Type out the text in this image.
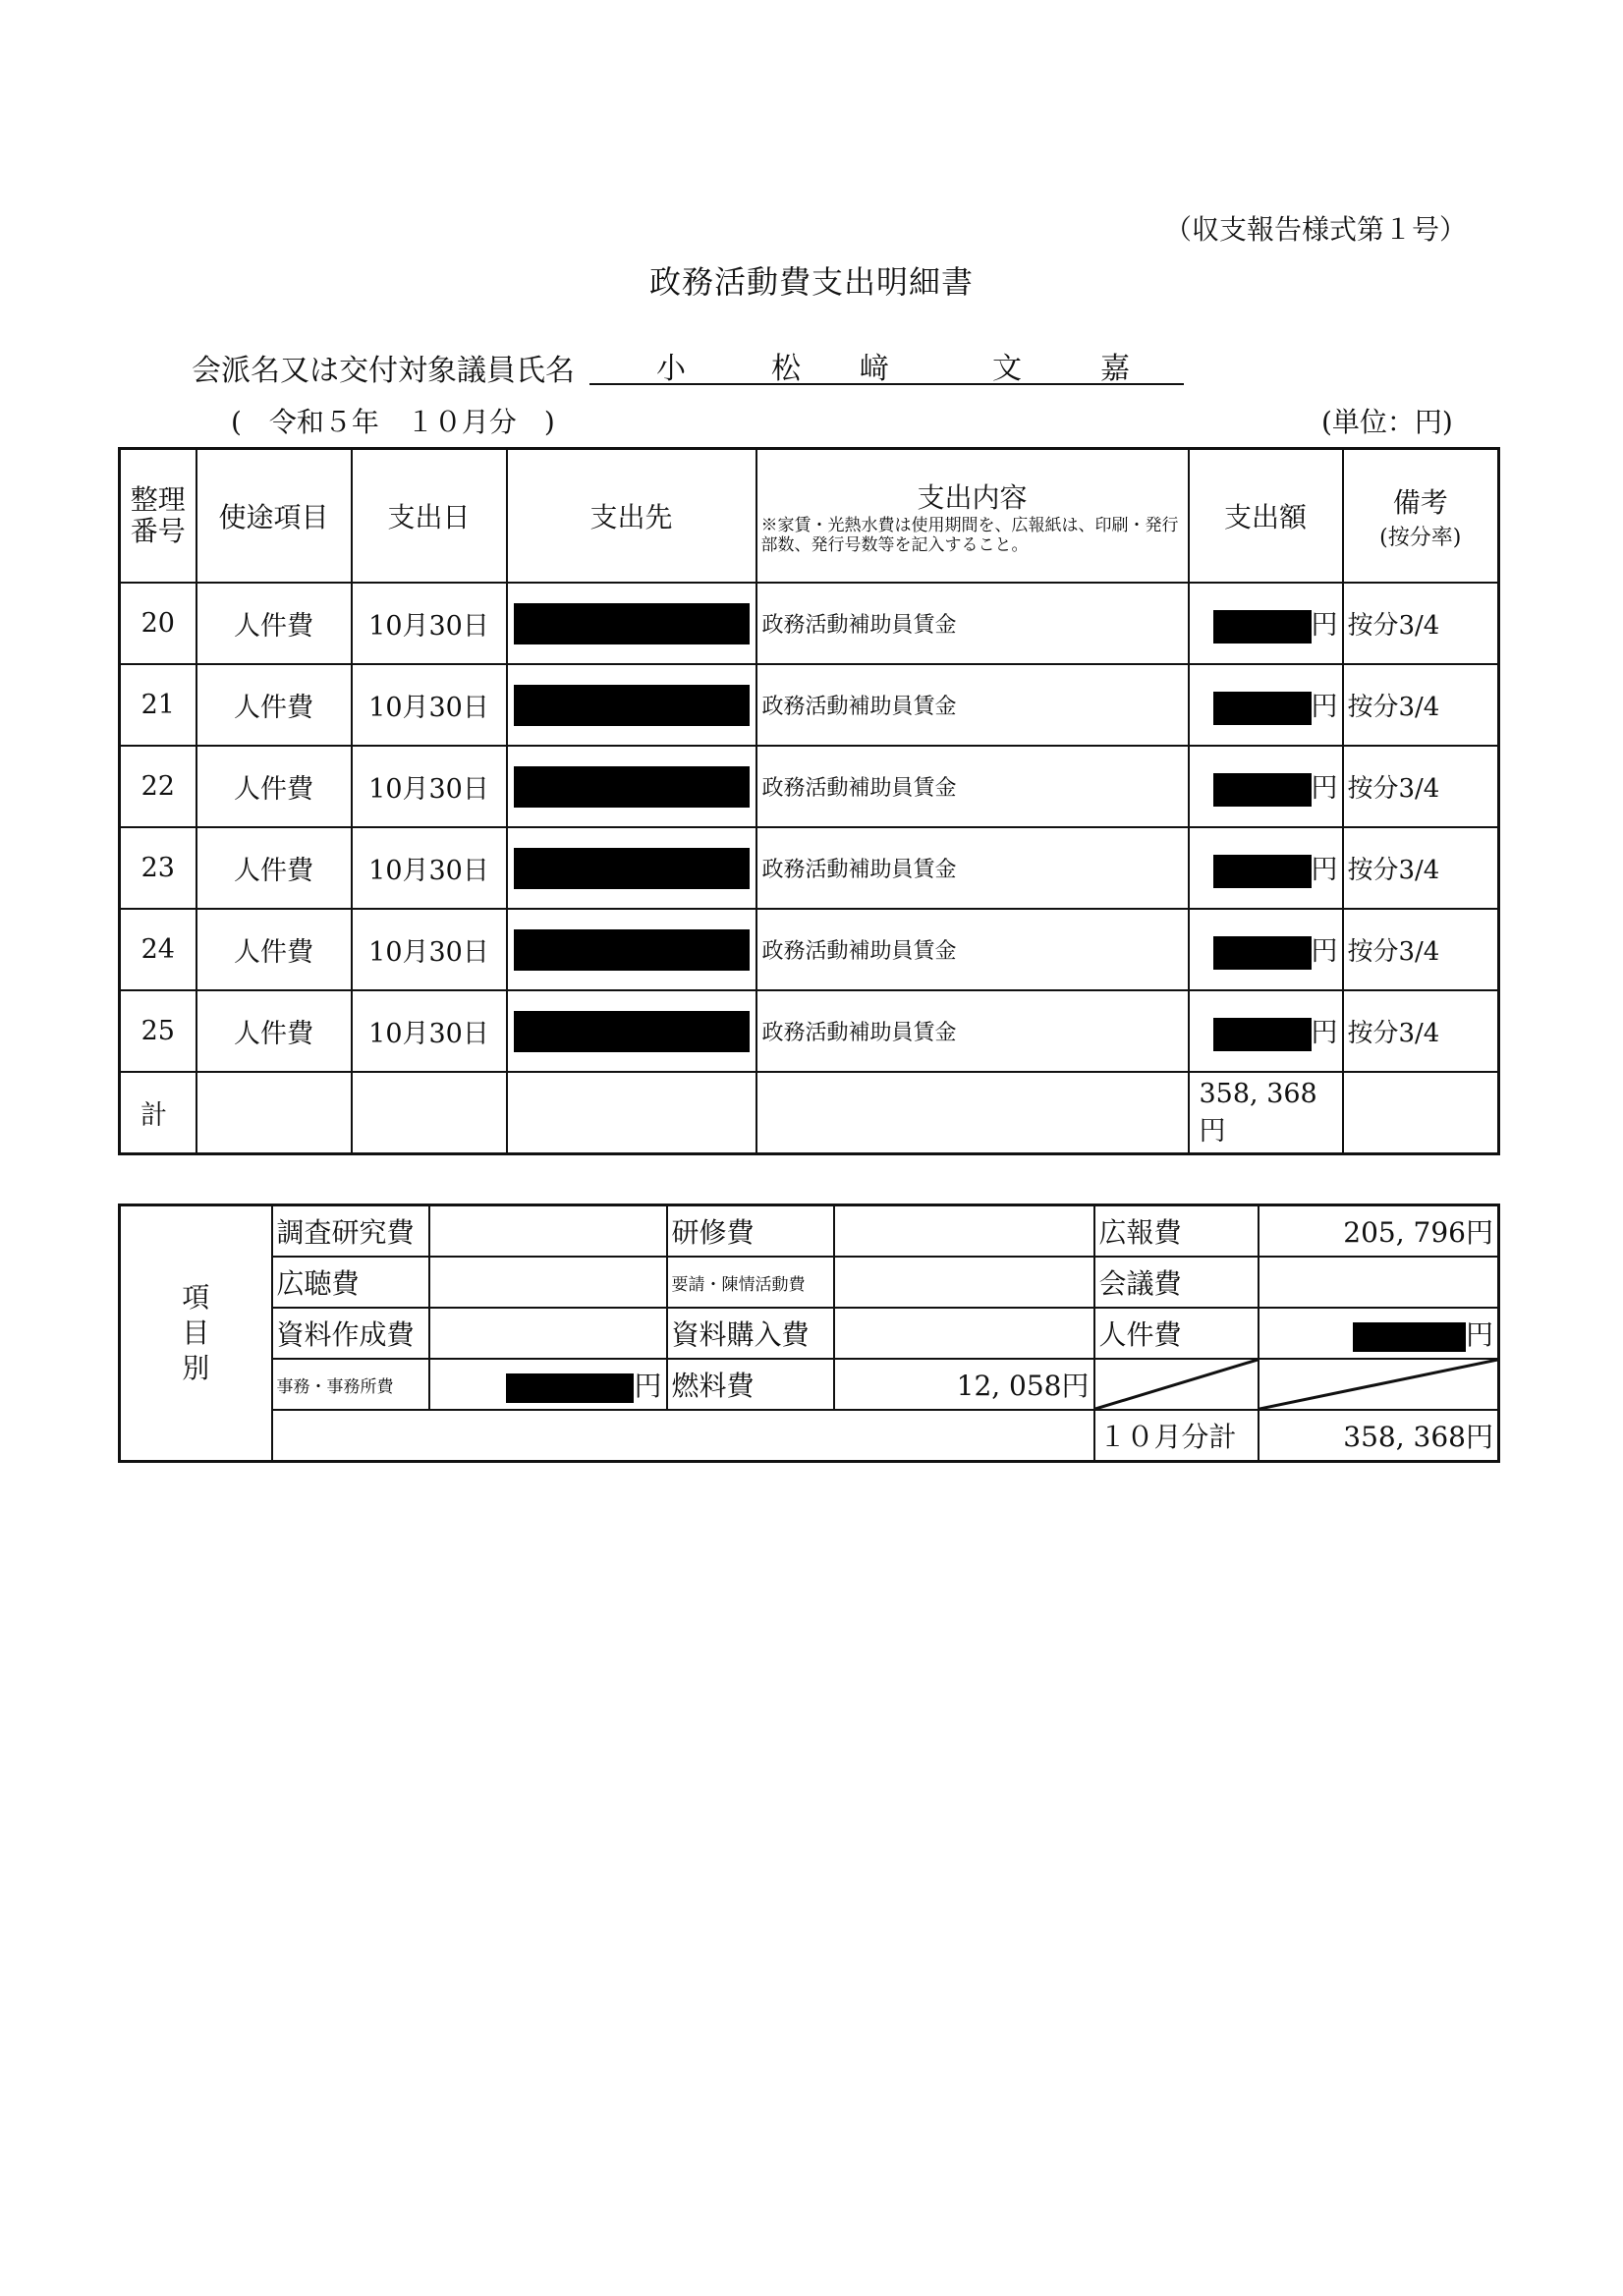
（収支報告様式第１号）
政務活動費支出明細書
会派名又は交付対象議員氏名	小	松 﨑	文	嘉
(　令和５年　１０月分　)	(単位：円)
整理番号	使途項目	支出日	支出先	支出内容
※家賃・光熱水費は使用期間を、広報紙は、印刷・発行部数、発行号数等を記入すること。	支出額	備考
(按分率)

20	人件費	10月30日		政務活動補助員賃金	円	按分3/4
21	人件費	10月30日		政務活動補助員賃金	円	按分3/4
22	人件費	10月30日		政務活動補助員賃金	円	按分3/4
23	人件費	10月30日		政務活動補助員賃金	円	按分3/4
24	人件費	10月30日		政務活動補助員賃金	円	按分3/4
25	人件費	10月30日		政務活動補助員賃金	円	按分3/4
計					358, 368円	
項
目
別	調査研究費		研修費		広報費	205, 796円
	広聴費		要請・陳情活動費		会議費	
	資料作成費		資料購入費		人件費	円
	事務・事務所費	円	燃料費	12, 058円	

					１０月分計	358, 368円
